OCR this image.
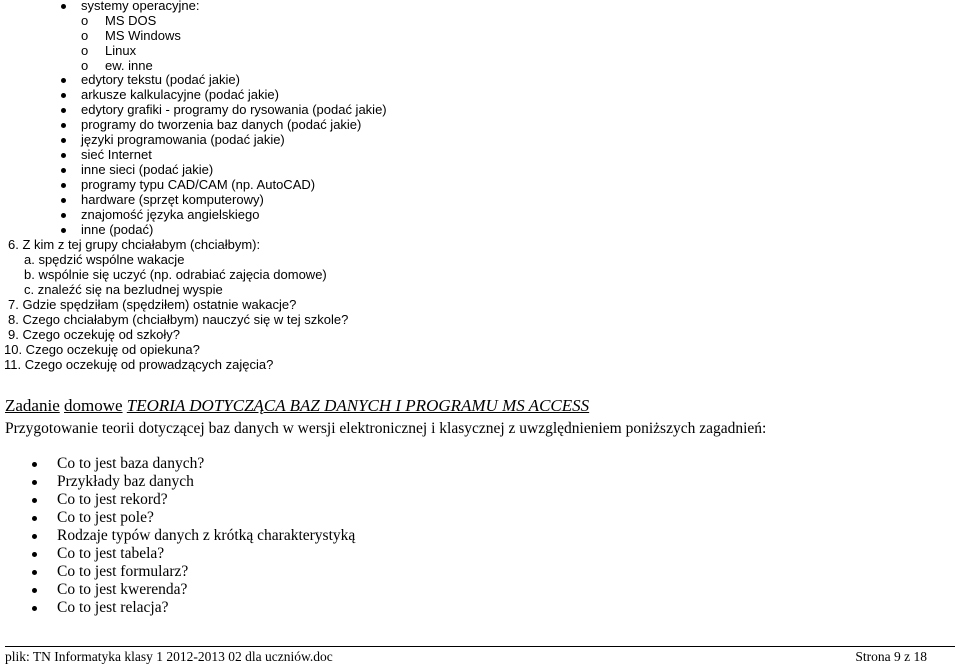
systemy operacyjne:
o MS DOS
o MS Windows
o Linux
o ew. inne
edytory tekstu (podać jakie)
arkusze kalkulacyjne (podać jakie)
edytory grafiki - programy do rysowania (podać jakie)
programy do tworzenia baz danych (podać jakie)
języki programowania (podać jakie)
sieć Internet
inne sieci (podać jakie)
programy typu CAD/CAM (np. AutoCAD)
hardware (sprzęt komputerowy)
znajomość języka angielskiego
inne (podać)
6. Z kim z tej grupy chciałabym (chciałbym):
a. spędzić wspólne wakacje
b. wspólnie się uczyć (np. odrabiać zajęcia domowe)
c. znaleźć się na bezludnej wyspie
7. Gdzie spędziłam (spędziłem) ostatnie wakacje?
8. Czego chciałabym (chciałbym) nauczyć się w tej szkole?
9. Czego oczekuję od szkoły?
10. Czego oczekuję od opiekuna?
11. Czego oczekuję od prowadzących zajęcia?
Zadanie domowe TEORIA DOTYCZĄCA BAZ DANYCH I PROGRAMU MS ACCESS
Przygotowanie teorii dotyczącej baz danych w wersji elektronicznej i klasycznej z uwzględnieniem poniższych zagadnień:
Co to jest baza danych?
Przykłady baz danych
Co to jest rekord?
Co to jest pole?
Rodzaje typów danych z krótką charakterystyką
Co to jest tabela?
Co to jest formularz?
Co to jest kwerenda?
Co to jest relacja?
plik: TN Informatyka klasy 1 2012-2013 02 dla uczniów.doc	Strona 9 z 18
